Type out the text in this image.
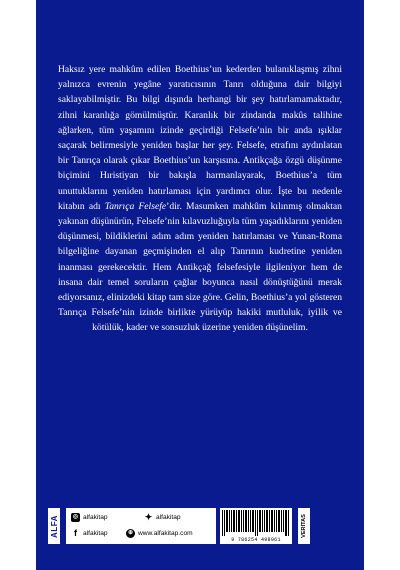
Haksız yere mahkûm edilen Boethius’un kederden bulanıklaşmış zihni yalnızca evrenin yegâne yaratıcısının Tanrı olduğuna dair bilgiyi saklayabilmiştir. Bu bilgi dışında herhangi bir şey hatırlamamaktadır, zihni karanlığa gömülmüştür. Karanlık bir zindanda makûs talihine ağlarken, tüm yaşamını izinde geçirdiği Felsefe’nin bir anda ışıklar saçarak belirmesiyle yeniden başlar her şey. Felsefe, etrafını aydınlatan bir Tanrıça olarak çıkar Boethius’un karşısına. Antikçağa özgü düşünme biçimini Hıristiyan bir bakışla harmanlayarak, Boethius’a tüm unuttuklarını yeniden hatırlaması için yardımcı olur. İşte bu nedenle kitabın adı Tanrıça Felsefe’dir. Masumken mahkûm kılınmış olmaktan yakınan düşünürün, Felsefe’nin kılavuzluğuyla tüm yaşadıklarını yeniden düşünmesi, bildiklerini adım adım yeniden hatırlaması ve Yunan-Roma bilgeliğine dayanan geçmişinden el alıp Tanrının kudretine yeniden inanması gerekecektir. Hem Antikçağ felsefesiyle ilgileniyor hem de insana dair temel soruların çağlar boyunca nasıl dönüştüğünü merak ediyorsanız, elinizdeki kitap tam size göre. Gelin, Boethius’a yol gösteren Tanrıça Felsefe’nin izinde birlikte yürüyüp hakiki mutluluk, iyilik ve kötülük, kader ve sonsuzluk üzerine yeniden düşünelim.
ALFA	◎ alfakitap	✦ alfakitap
f alfakitap	⊕ www.alfakitap.com
9 786254 498961
VERITAS
